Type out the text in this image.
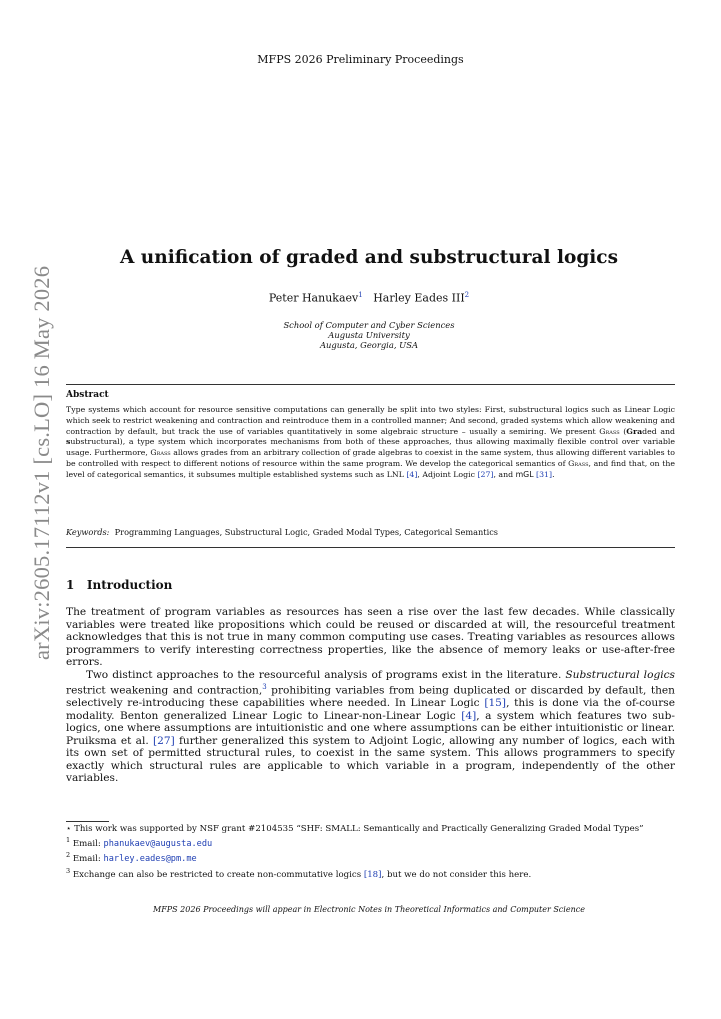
arXiv:2605.17112v1 [cs.LO] 16 May 2026
MFPS 2026 Preliminary Proceedings
A unification of graded and substructural logics
Peter Hanukaev$^1$ Harley Eades III$^2$
School of Computer and Cyber Sciences
Augusta University
Augusta, Georgia, USA
Abstract
Type systems which account for resource sensitive computations can generally be split into two styles: First, substructural logics such as Linear Logic which seek to restrict weakening and contraction and reintroduce them in a controlled manner; And second, graded systems which allow weakening and contraction by default, but track the use of variables quantitatively in some algebraic structure – usually a semiring. We present Grass (Graded and substructural), a type system which incorporates mechanisms from both of these approaches, thus allowing maximally flexible control over variable usage. Furthermore, Grass allows grades from an arbitrary collection of grade algebras to coexist in the same system, thus allowing different variables to be controlled with respect to different notions of resource within the same program. We develop the categorical semantics of Grass, and find that, on the level of categorical semantics, it subsumes multiple established systems such as LNL [4], Adjoint Logic [27], and mGL [31].
Keywords: Programming Languages, Substructural Logic, Graded Modal Types, Categorical Semantics
1 Introduction

The treatment of program variables as resources has seen a rise over the last few decades. While classically variables were treated like propositions which could be reused or discarded at will, the resourceful treatment acknowledges that this is not true in many common computing use cases. Treating variables as resources allows programmers to verify interesting correctness properties, like the absence of memory leaks or use-after-free errors.

Two distinct approaches to the resourceful analysis of programs exist in the literature. Substructural logics restrict weakening and contraction,$^3$ prohibiting variables from being duplicated or discarded by default, then selectively re-introducing these capabilities where needed. In Linear Logic [15], this is done via the of-course modality. Benton generalized Linear Logic to Linear-non-Linear Logic [4], a system which features two sub-logics, one where assumptions are intuitionistic and one where assumptions can be either intuitionistic or linear. Pruiksma et al. [27] further generalized this system to Adjoint Logic, allowing any number of logics, each with its own set of permitted structural rules, to coexist in the same system. This allows programmers to specify exactly which structural rules are applicable to which variable in a program, independently of the other variables.

⋆ This work was supported by NSF grant #2104535 “SHF: SMALL: Semantically and Practically Generalizing Graded Modal Types”
$^1$ Email: phanukaev@augusta.edu
$^2$ Email: harley.eades@pm.me
$^3$ Exchange can also be restricted to create non-commutative logics [18], but we do not consider this here.
MFPS 2026 Proceedings will appear in Electronic Notes in Theoretical Informatics and Computer Science
